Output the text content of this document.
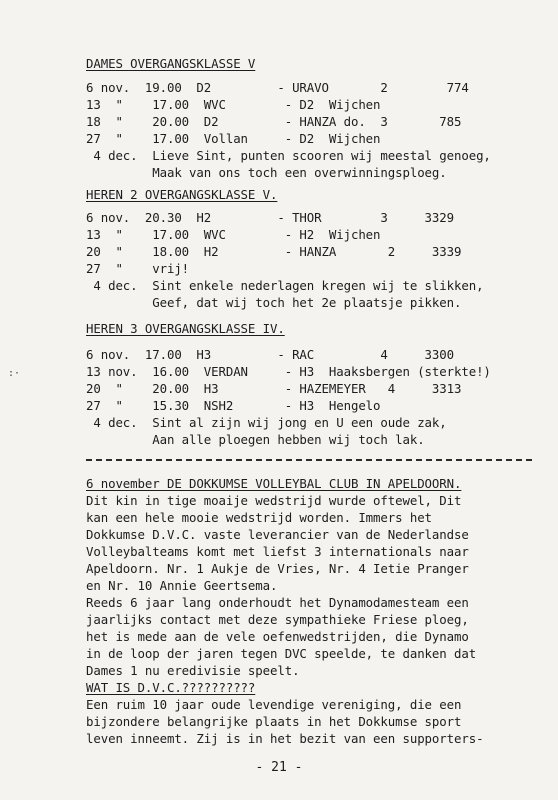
DAMES OVERGANGSKLASSE V
6 nov.  19.00  D2         - URAVO       2        774
13  "    17.00  WVC        - D2  Wijchen
18  "    20.00  D2         - HANZA do.  3       785
27  "    17.00  Vollan     - D2  Wijchen
4 dec.  Lieve Sint, punten scooren wij meestal genoeg,
Maak van ons toch een overwinningsploeg.
HEREN 2 OVERGANGSKLASSE V.
6 nov.  20.30  H2         - THOR        3     3329
13  "    17.00  WVC        - H2  Wijchen
20  "    18.00  H2         - HANZA       2     3339
27  "    vrij!
4 dec.  Sint enkele nederlagen kregen wij te slikken,
Geef, dat wij toch het 2e plaatsje pikken.
HEREN 3 OVERGANGSKLASSE IV.
6 nov.  17.00  H3         - RAC         4     3300
13 nov.  16.00  VERDAN     - H3  Haaksbergen (sterkte!)
20  "    20.00  H3         - HAZEMEYER   4     3313
27  "    15.30  NSH2       - H3  Hengelo
4 dec.  Sint al zijn wij jong en U een oude zak,
Aan alle ploegen hebben wij toch lak.
:·
6 november DE DOKKUMSE VOLLEYBAL CLUB IN APELDOORN.
Dit kin in tige moaije wedstrijd wurde oftewel, Dit
kan een hele mooie wedstrijd worden. Immers het
Dokkumse D.V.C. vaste leverancier van de Nederlandse
Volleybalteams komt met liefst 3 internationals naar
Apeldoorn. Nr. 1 Aukje de Vries, Nr. 4 Ietie Pranger
en Nr. 10 Annie Geertsema.
Reeds 6 jaar lang onderhoudt het Dynamodamesteam een
jaarlijks contact met deze sympathieke Friese ploeg,
het is mede aan de vele oefenwedstrijden, die Dynamo
in de loop der jaren tegen DVC speelde, te danken dat
Dames 1 nu eredivisie speelt.
WAT IS D.V.C.??????????
Een ruim 10 jaar oude levendige vereniging, die een
bijzondere belangrijke plaats in het Dokkumse sport
leven inneemt. Zij is in het bezit van een supporters-
- 21 -
